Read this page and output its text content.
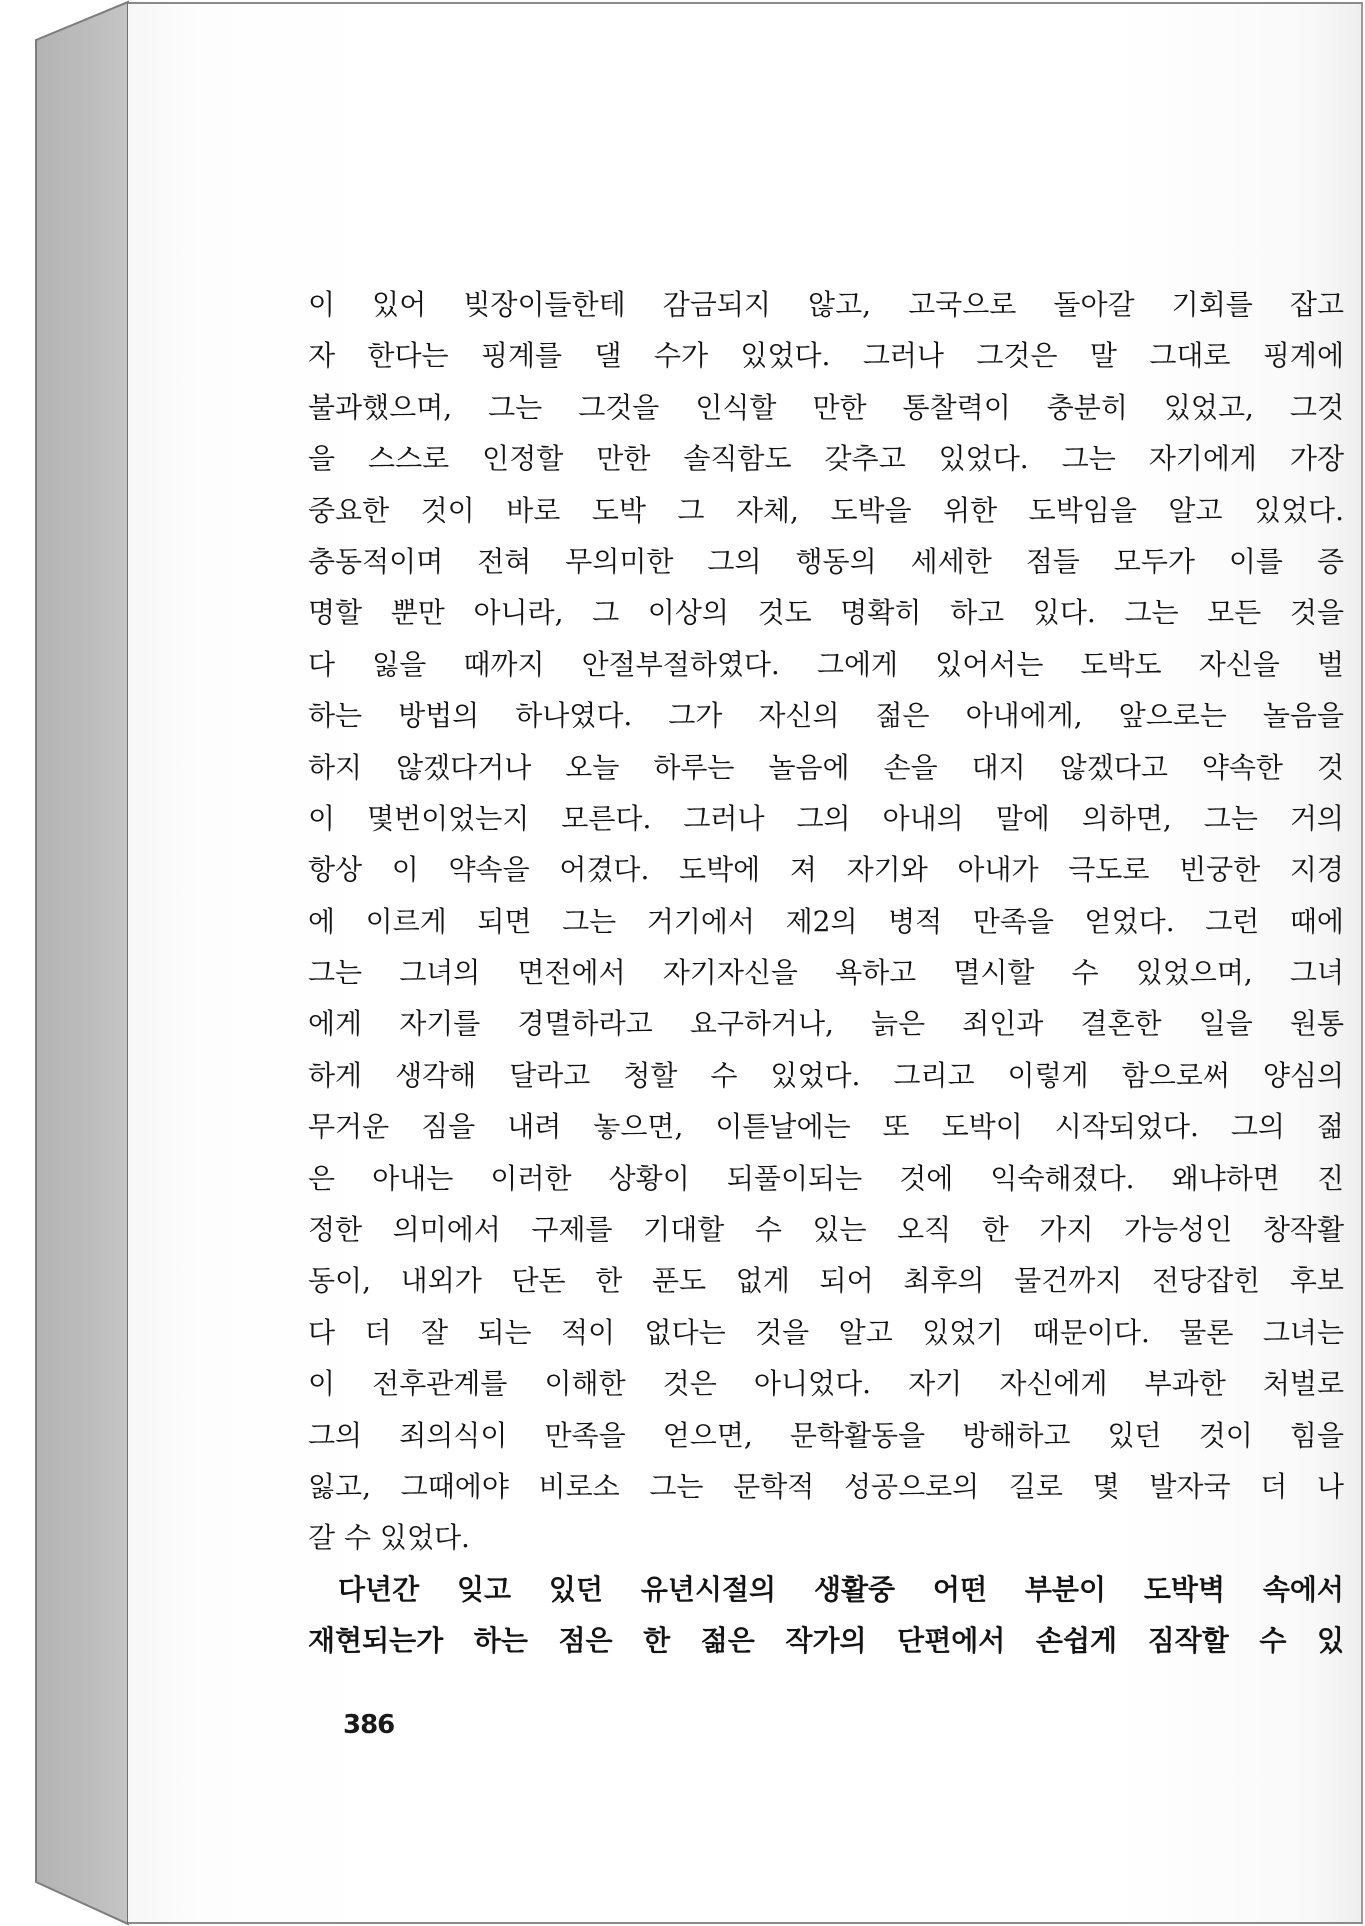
이 있어 빚장이들한테 감금되지 않고, 고국으로 돌아갈 기회를 잡고
자 한다는 핑계를 댈 수가 있었다. 그러나 그것은 말 그대로 핑계에
불과했으며, 그는 그것을 인식할 만한 통찰력이 충분히 있었고, 그것
을 스스로 인정할 만한 솔직함도 갖추고 있었다. 그는 자기에게 가장
중요한 것이 바로 도박 그 자체, 도박을 위한 도박임을 알고 있었다.
충동적이며 전혀 무의미한 그의 행동의 세세한 점들 모두가 이를 증
명할 뿐만 아니라, 그 이상의 것도 명확히 하고 있다. 그는 모든 것을
다 잃을 때까지 안절부절하였다. 그에게 있어서는 도박도 자신을 벌
하는 방법의 하나였다. 그가 자신의 젊은 아내에게, 앞으로는 놀음을
하지 않겠다거나 오늘 하루는 놀음에 손을 대지 않겠다고 약속한 것
이 몇번이었는지 모른다. 그러나 그의 아내의 말에 의하면, 그는 거의
항상 이 약속을 어겼다. 도박에 져 자기와 아내가 극도로 빈궁한 지경
에 이르게 되면 그는 거기에서 제2의 병적 만족을 얻었다. 그런 때에
그는 그녀의 면전에서 자기자신을 욕하고 멸시할 수 있었으며, 그녀
에게 자기를 경멸하라고 요구하거나, 늙은 죄인과 결혼한 일을 원통
하게 생각해 달라고 청할 수 있었다. 그리고 이렇게 함으로써 양심의
무거운 짐을 내려 놓으면, 이튿날에는 또 도박이 시작되었다. 그의 젊
은 아내는 이러한 상황이 되풀이되는 것에 익숙해졌다. 왜냐하면 진
정한 의미에서 구제를 기대할 수 있는 오직 한 가지 가능성인 창작활
동이, 내외가 단돈 한 푼도 없게 되어 최후의 물건까지 전당잡힌 후보
다 더 잘 되는 적이 없다는 것을 알고 있었기 때문이다. 물론 그녀는
이 전후관계를 이해한 것은 아니었다. 자기 자신에게 부과한 처벌로
그의 죄의식이 만족을 얻으면, 문학활동을 방해하고 있던 것이 힘을
잃고, 그때에야 비로소 그는 문학적 성공으로의 길로 몇 발자국 더 나
갈 수 있었다.
다년간 잊고 있던 유년시절의 생활중 어떤 부분이 도박벽 속에서
재현되는가 하는 점은 한 젊은 작가의 단편에서 손쉽게 짐작할 수 있
386
